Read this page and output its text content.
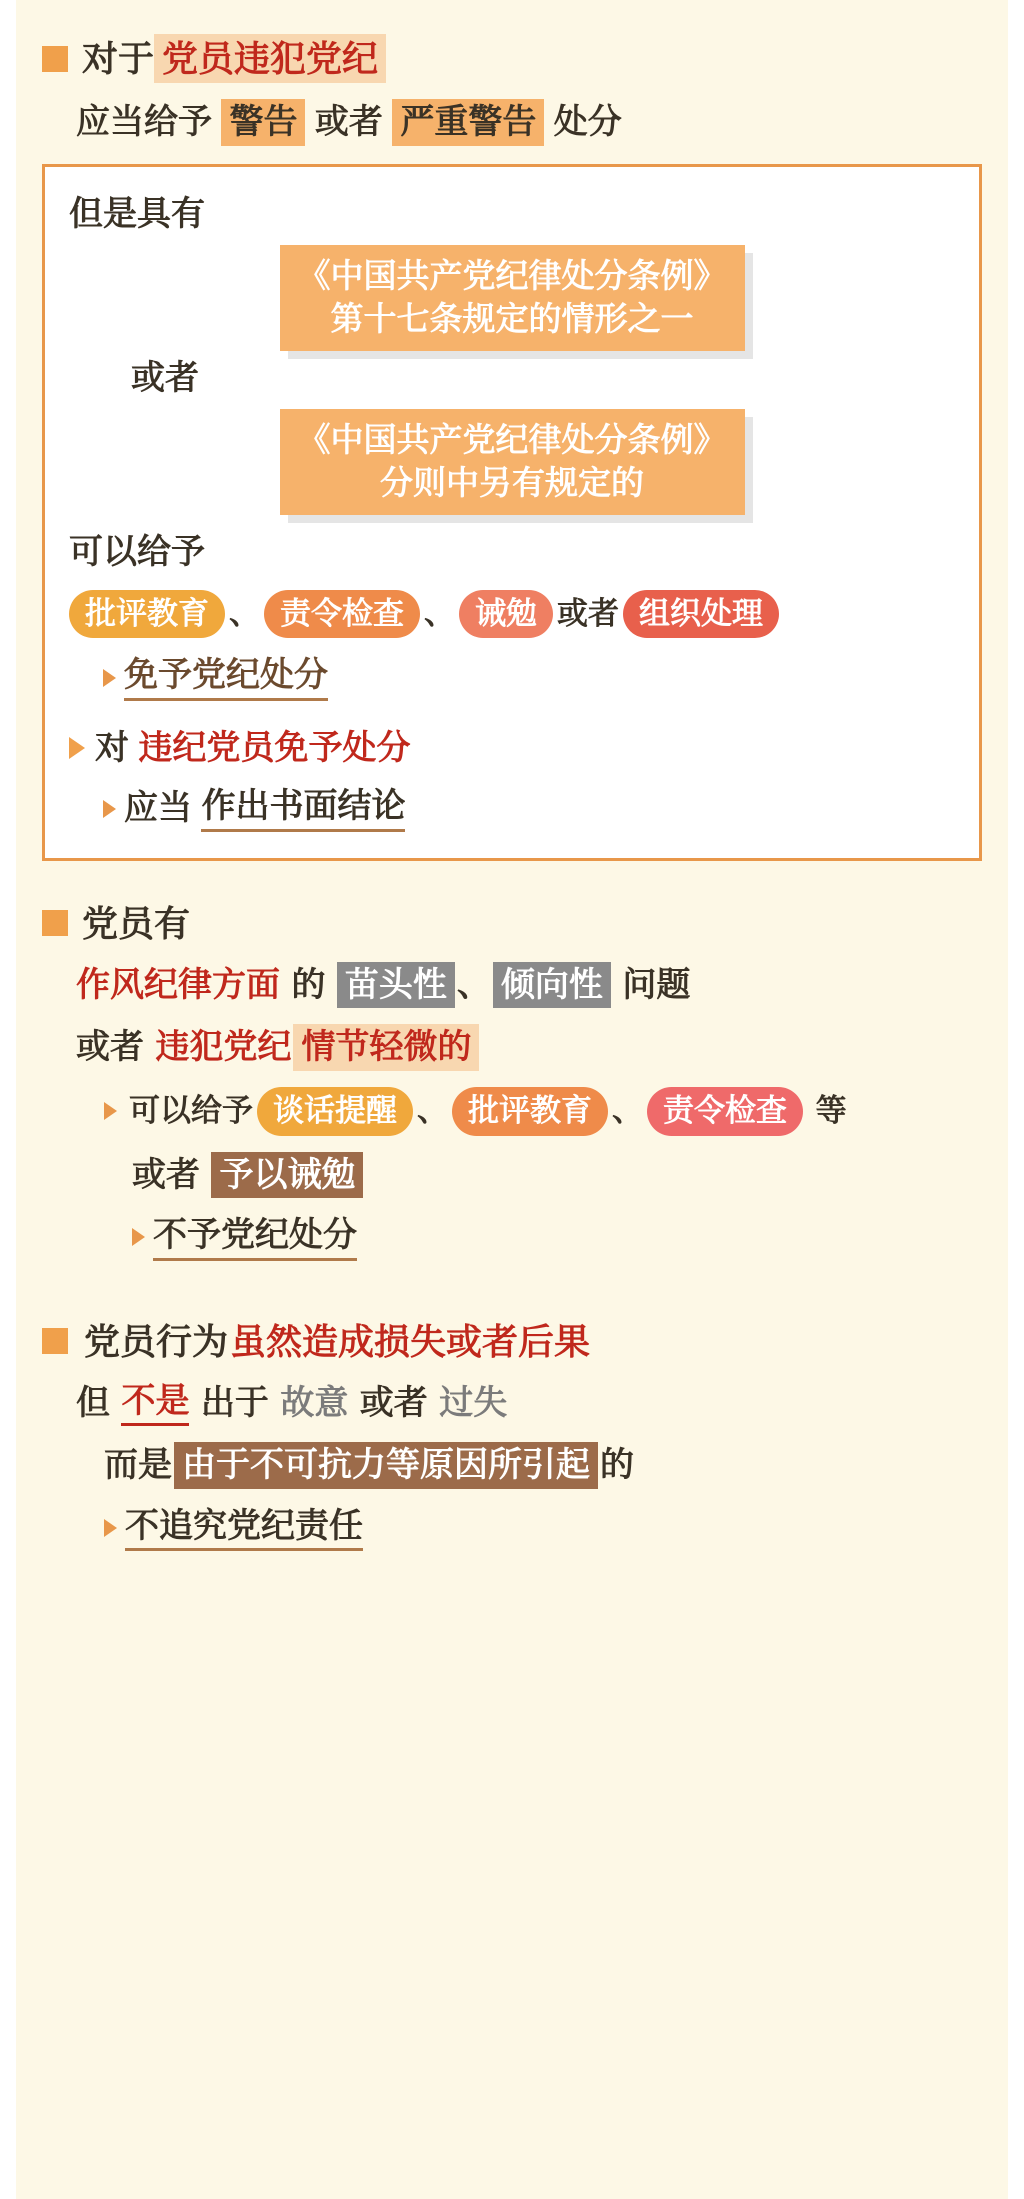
对于 党员违犯党纪
应当给予 警告 或者 严重警告 处分
但是具有
《中国共产党纪律处分条例》
第十七条规定的情形之一
或者
《中国共产党纪律处分条例》
分则中另有规定的
可以给予
批评教育 、 责令检查 、 诫勉 或者 组织处理
免予党纪处分
对 违纪党员免予处分
应当 作出书面结论
党员有
作风纪律方面 的 苗头性 、 倾向性 问题
或者 违犯党纪 情节轻微的
可以给予 谈话提醒 、 批评教育 、 责令检查 等
或者 予以诫勉
不予党纪处分
党员行为 虽然造成损失或者后果
但 不是 出于 故意 或者 过失
而是 由于不可抗力等原因所引起 的
不追究党纪责任
